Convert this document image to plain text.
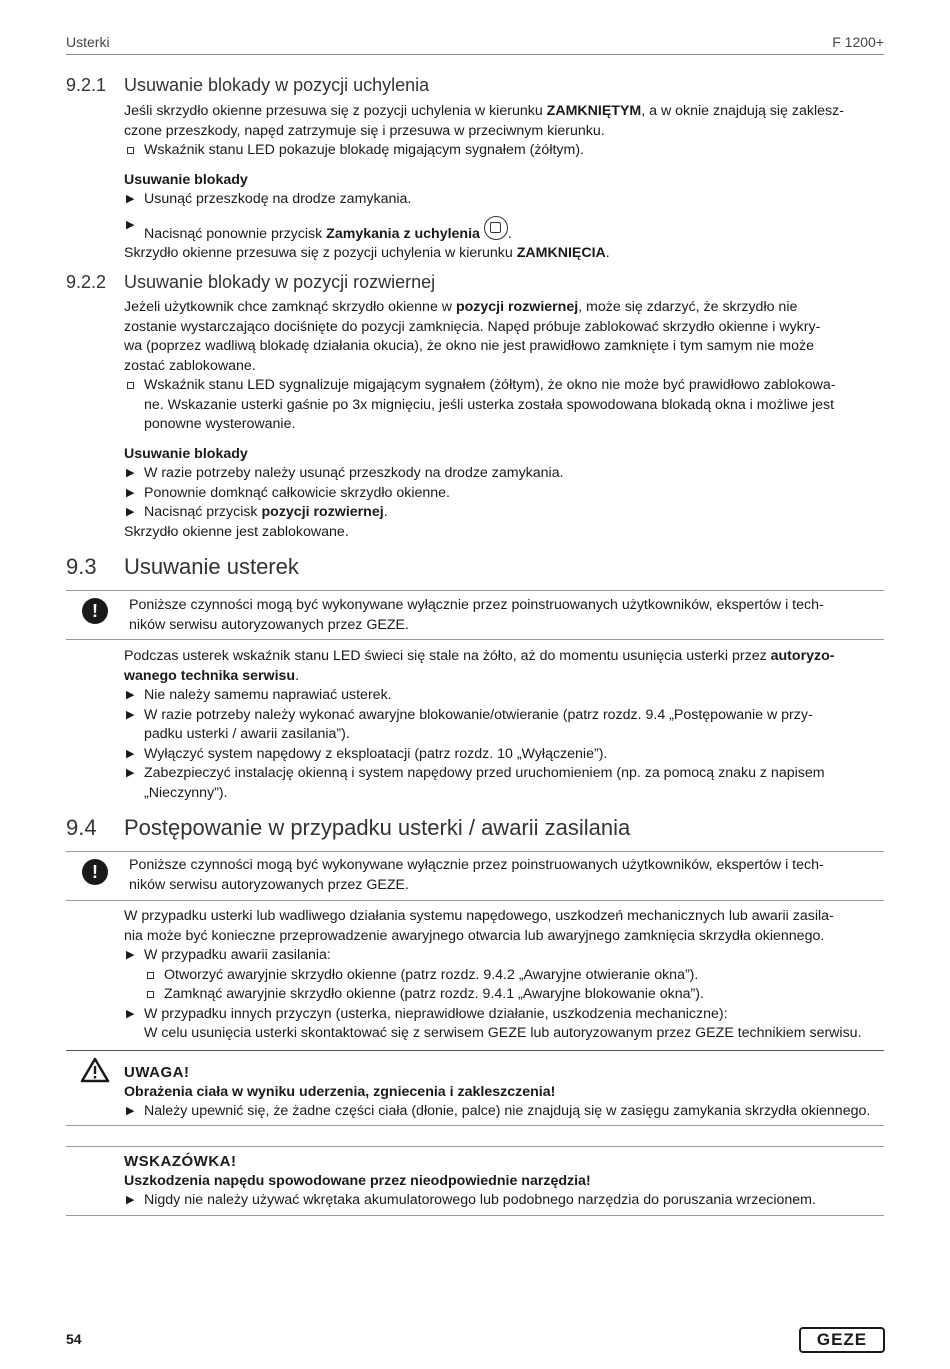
Usterki	F 1200+
9.2.1 Usuwanie blokady w pozycji uchylenia
Jeśli skrzydło okienne przesuwa się z pozycji uchylenia w kierunku ZAMKNIĘTYM, a w oknie znajdują się zaklesz-
czone przeszkody, napęd zatrzymuje się i przesuwa w przeciwnym kierunku.
Wskaźnik stanu LED pokazuje blokadę migającym sygnałem (żółtym).
Usuwanie blokady
▶ Usunąć przeszkodę na drodze zamykania.
▶
Nacisnąć ponownie przycisk Zamykania z uchylenia .
Skrzydło okienne przesuwa się z pozycji uchylenia w kierunku ZAMKNIĘCIA.
9.2.2 Usuwanie blokady w pozycji rozwiernej
Jeżeli użytkownik chce zamknąć skrzydło okienne w pozycji rozwiernej, może się zdarzyć, że skrzydło nie
zostanie wystarczająco dociśnięte do pozycji zamknięcia. Napęd próbuje zablokować skrzydło okienne i wykry-
wa (poprzez wadliwą blokadę działania okucia), że okno nie jest prawidłowo zamknięte i tym samym nie może
zostać zablokowane.
Wskaźnik stanu LED sygnalizuje migającym sygnałem (żółtym), że okno nie może być prawidłowo zablokowa-
ne. Wskazanie usterki gaśnie po 3x mignięciu, jeśli usterka została spowodowana blokadą okna i możliwe jest
ponowne wysterowanie.
Usuwanie blokady
▶ W razie potrzeby należy usunąć przeszkody na drodze zamykania.
▶ Ponownie domknąć całkowicie skrzydło okienne.
▶ Nacisnąć przycisk pozycji rozwiernej.
Skrzydło okienne jest zablokowane.
9.3 Usuwanie usterek
!	Poniższe czynności mogą być wykonywane wyłącznie przez poinstruowanych użytkowników, ekspertów i tech-
ników serwisu autoryzowanych przez GEZE.
Podczas usterek wskaźnik stanu LED świeci się stale na żółto, aż do momentu usunięcia usterki przez autoryzo-
wanego technika serwisu.
▶ Nie należy samemu naprawiać usterek.
▶ W razie potrzeby należy wykonać awaryjne blokowanie/otwieranie (patrz rozdz. 9.4 „Postępowanie w przy-
padku usterki / awarii zasilania”).
▶ Wyłączyć system napędowy z eksploatacji (patrz rozdz. 10 „Wyłączenie”).
▶ Zabezpieczyć instalację okienną i system napędowy przed uruchomieniem (np. za pomocą znaku z napisem
„Nieczynny”).
9.4 Postępowanie w przypadku usterki / awarii zasilania
!	Poniższe czynności mogą być wykonywane wyłącznie przez poinstruowanych użytkowników, ekspertów i tech-
ników serwisu autoryzowanych przez GEZE.
W przypadku usterki lub wadliwego działania systemu napędowego, uszkodzeń mechanicznych lub awarii zasila-
nia może być konieczne przeprowadzenie awaryjnego otwarcia lub awaryjnego zamknięcia skrzydła okiennego.
▶ W przypadku awarii zasilania:
Otworzyć awaryjnie skrzydło okienne (patrz rozdz. 9.4.2 „Awaryjne otwieranie okna”).
Zamknąć awaryjnie skrzydło okienne (patrz rozdz. 9.4.1 „Awaryjne blokowanie okna”).
▶ W przypadku innych przyczyn (usterka, nieprawidłowe działanie, uszkodzenia mechaniczne):
W celu usunięcia usterki skontaktować się z serwisem GEZE lub autoryzowanym przez GEZE technikiem serwisu.
UWAGA!
Obrażenia ciała w wyniku uderzenia, zgniecenia i zakleszczenia!
▶ Należy upewnić się, że żadne części ciała (dłonie, palce) nie znajdują się w zasięgu zamykania skrzydła okiennego.
WSKAZÓWKA!
Uszkodzenia napędu spowodowane przez nieodpowiednie narzędzia!
▶ Nigdy nie należy używać wkrętaka akumulatorowego lub podobnego narzędzia do poruszania wrzecionem.
54	GEZE
